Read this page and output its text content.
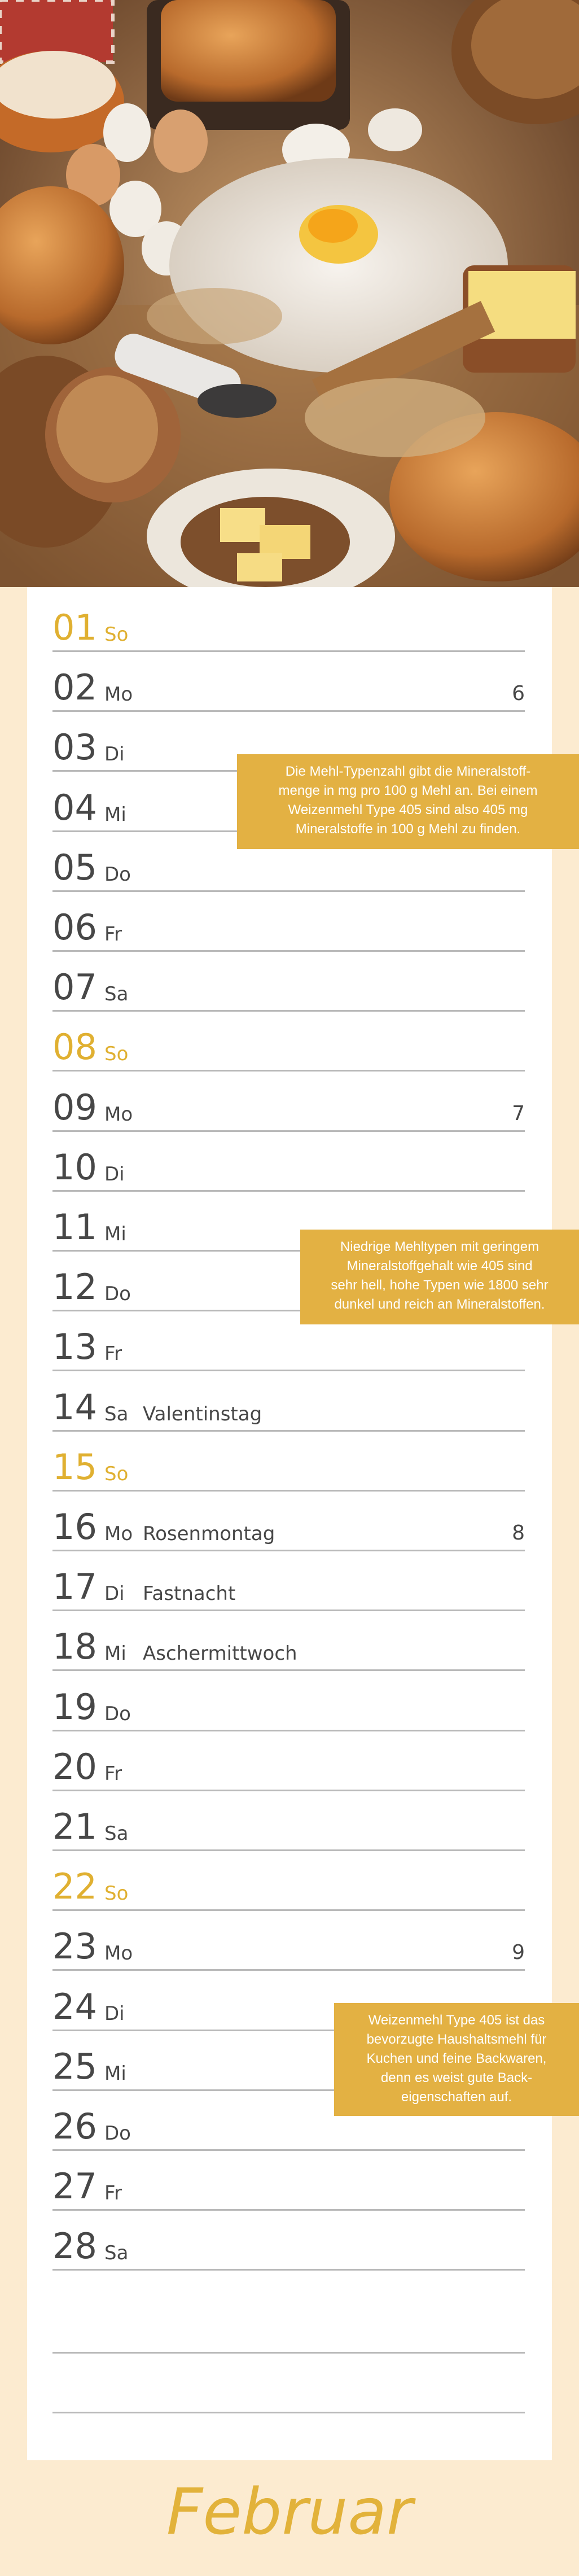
01 So
02 Mo	6
03 Di
04 Mi
05 Do
06 Fr
07 Sa
08 So
09 Mo	7
10 Di
11 Mi
12 Do
13 Fr
14 Sa Valentinstag
15 So
16 Mo Rosenmontag	8
17 Di Fastnacht
18 Mi Aschermittwoch
19 Do
20 Fr
21 Sa
22 So
23 Mo	9
24 Di
25 Mi
26 Do
27 Fr
28 Sa
Die Mehl-Typenzahl gibt die Mineralstoff-
menge in mg pro 100 g Mehl an. Bei einem
Weizenmehl Type 405 sind also 405 mg
Mineralstoffe in 100 g Mehl zu finden.
Niedrige Mehltypen mit geringem
Mineralstoffgehalt wie 405 sind
sehr hell, hohe Typen wie 1800 sehr
dunkel und reich an Mineralstoffen.
Weizenmehl Type 405 ist das
bevorzugte Haushaltsmehl für
Kuchen und feine Backwaren,
denn es weist gute Back-
eigenschaften auf.
Februar
